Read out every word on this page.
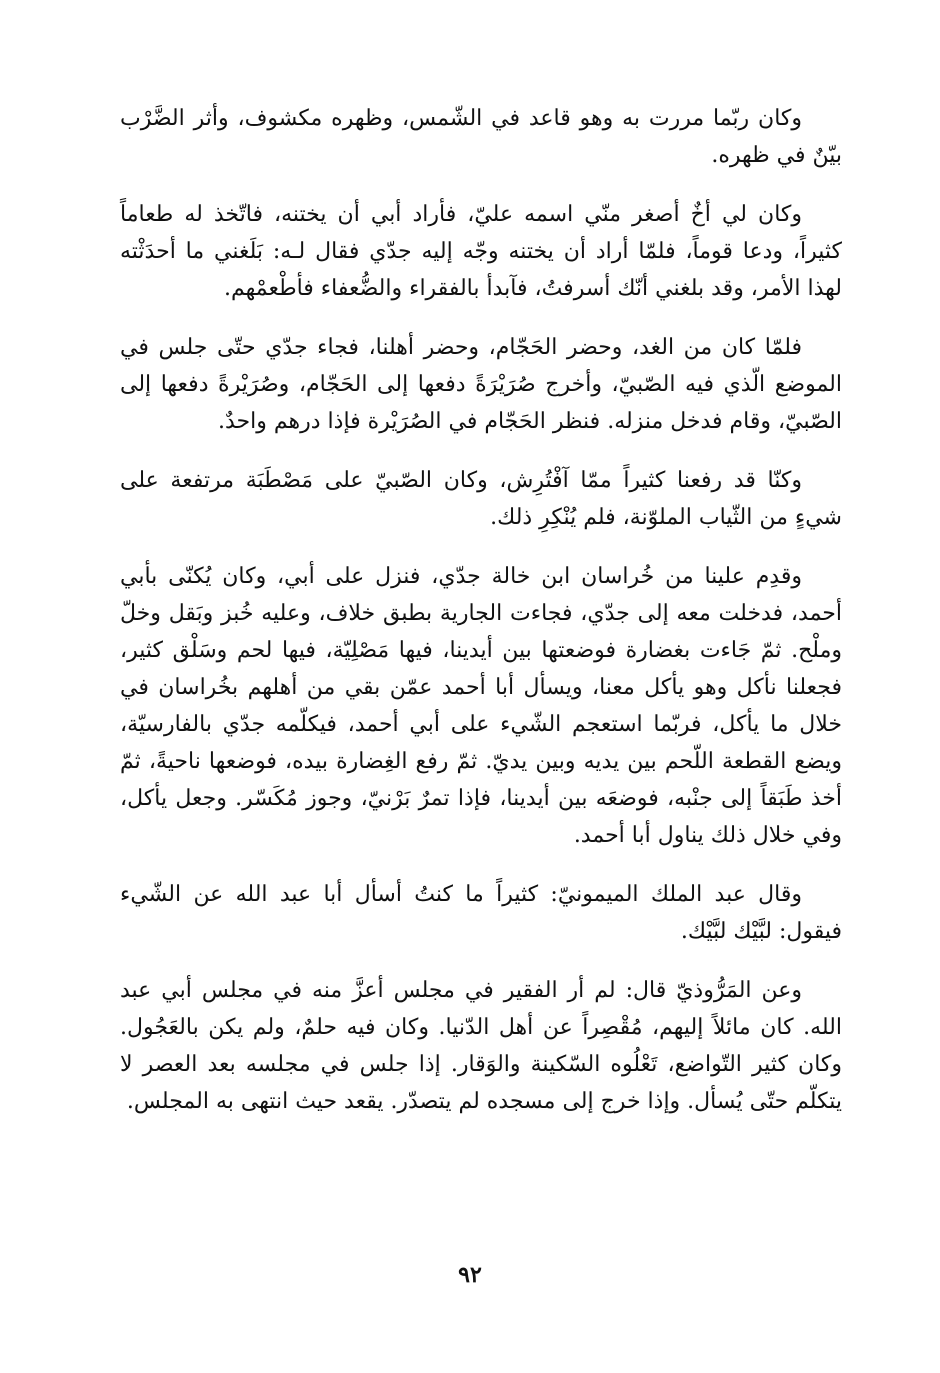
وكان ربّما مررت به وهو قاعد في الشّمس، وظهره مكشوف، وأثر الضَّرْب بيّنٌ في ظهره.

وكان لي أخٌ أصغر منّي اسمه عليّ، فأراد أبي أن يختنه، فاتّخذ له طعاماً كثيراً، ودعا قوماً، فلمّا أراد أن يختنه وجّه إليه جدّي فقال لـه: بَلَغني ما أحدَثْته لهذا الأمر، وقد بلغني أنّك أسرفتُ، فآبدأ بالفقراء والضُّعفاء فأطْعمْهم.

فلمّا كان من الغد، وحضر الحَجّام، وحضر أهلنا، فجاء جدّي حتّى جلس في الموضع الّذي فيه الصّبيّ، وأخرج صُرَيْرَةً دفعها إلى الحَجّام، وصُرَيْرةً دفعها إلى الصّبيّ، وقام فدخل منزله. فنظر الحَجّام في الصُرَيْرة فإذا درهم واحدٌ.

وكنّا قد رفعنا كثيراً ممّا آفْتُرِش، وكان الصّبيّ على مَصْطَبَة مرتفعة على شيءٍ من الثّياب الملوّنة، فلم يُنْكِرِ ذلك.

وقدِم علينا من خُراسان ابن خالة جدّي، فنزل على أبي، وكان يُكنّى بأبي أحمد، فدخلت معه إلى جدّي، فجاءت الجارية بطبق خلاف، وعليه خُبز وبَقل وخلّ وملْح. ثمّ جَاءت بغضارة فوضعتها بين أيدينا، فيها مَصْلِيّة، فيها لحم وسَلْق كثير، فجعلنا نأكل وهو يأكل معنا، ويسأل أبا أحمد عمّن بقي من أهلهم بخُراسان في خلال ما يأكل، فربّما استعجم الشّيء على أبي أحمد، فيكلّمه جدّي بالفارسيّة، ويضع القطعة اللّحم بين يديه وبين يديّ. ثمّ رفع الغِضارة بيده، فوضعها ناحيةً، ثمّ أخذ طَبَقاً إلى جنْبه، فوضعَه بين أيدينا، فإذا تمرٌ بَرْنيّ، وجوز مُكَسّر. وجعل يأكل، وفي خلال ذلك يناول أبا أحمد.

وقال عبد الملك الميمونيّ: كثيراً ما كنتُ أسأل أبا عبد الله عن الشّيء فيقول: لبَّيْك لبَّيْك.

وعن المَرُّوذيّ قال: لم أر الفقير في مجلس أعزَّ منه في مجلس أبي عبد الله. كان مائلاً إليهم، مُقْصِراً عن أهل الدّنيا. وكان فيه حلمٌ، ولم يكن بالعَجُول. وكان كثير التّواضع، تَعْلُوه السّكينة والوَقار. إذا جلس في مجلسه بعد العصر لا يتكلّم حتّى يُسأل. وإذا خرج إلى مسجده لم يتصدّر. يقعد حيث انتهى به المجلس.

٩٢
